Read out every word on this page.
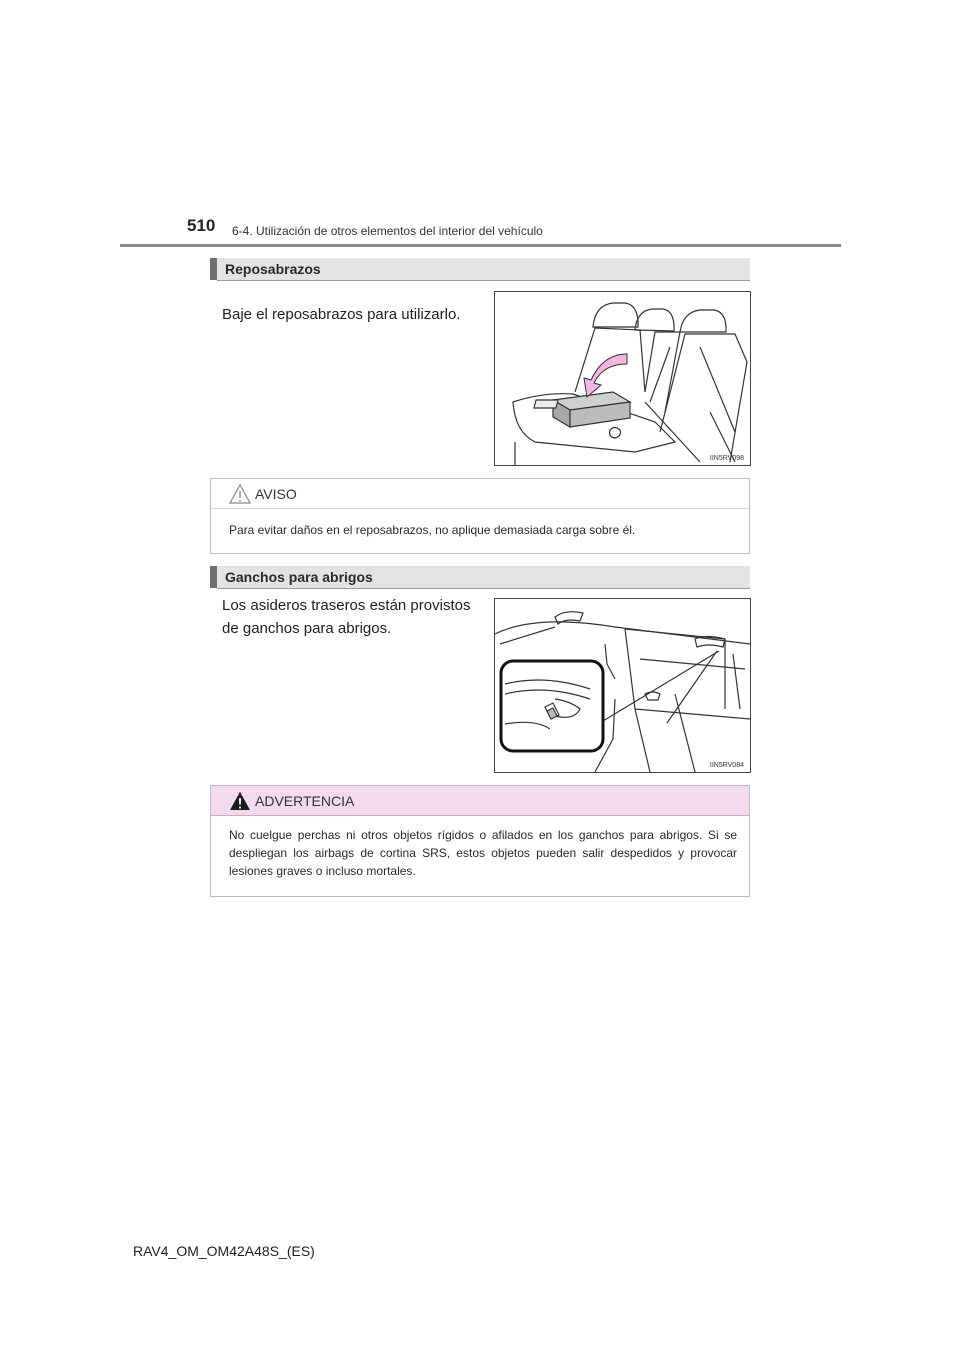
510 6-4. Utilización de otros elementos del interior del vehículo
Reposabrazos
Baje el reposabrazos para utilizarlo.
IIN5RV098
AVISO
Para evitar daños en el reposabrazos, no aplique demasiada carga sobre él.
Ganchos para abrigos
Los asideros traseros están provistos
de ganchos para abrigos.
IIN5RV084
ADVERTENCIA
No cuelgue perchas ni otros objetos rígidos o afilados en los ganchos para abrigos. Si se despliegan los airbags de cortina SRS, estos objetos pueden salir despedidos y provocar lesiones graves o incluso mortales.
RAV4_OM_OM42A48S_(ES)
